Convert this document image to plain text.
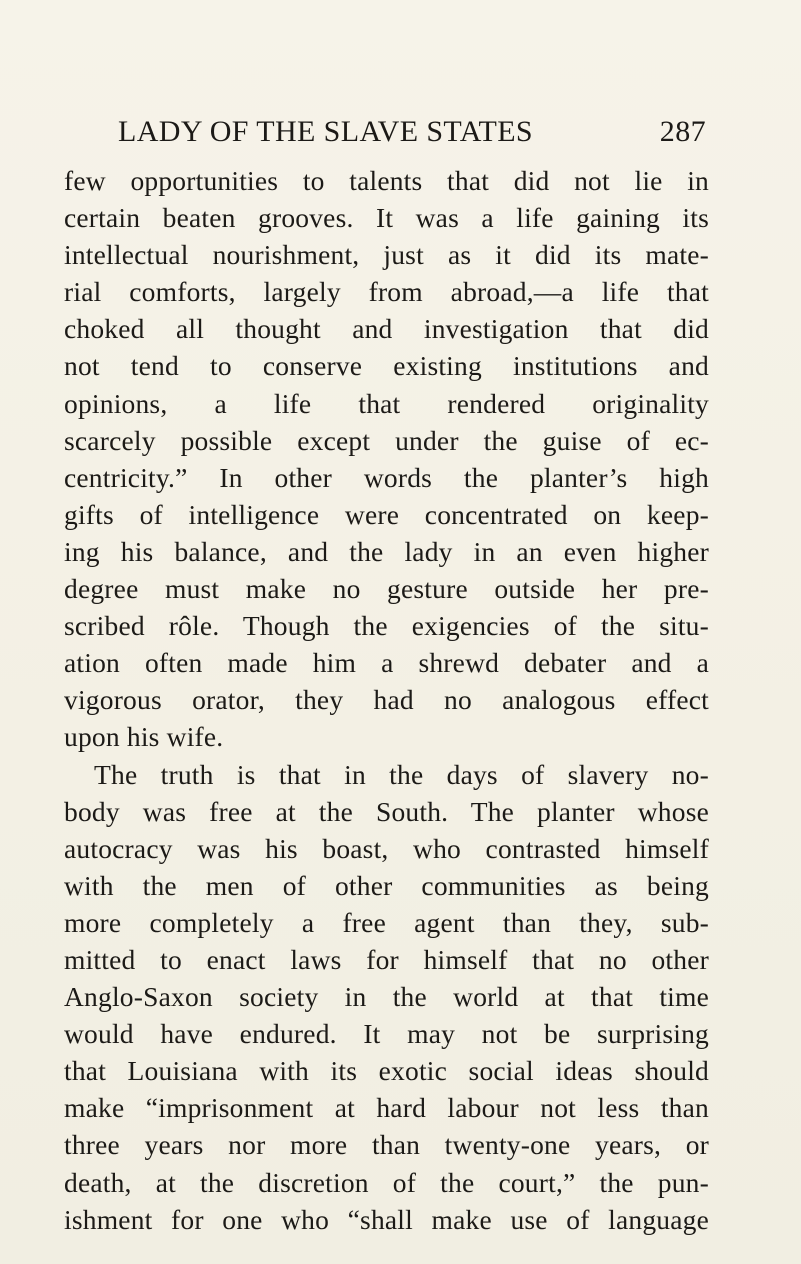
LADY OF THE SLAVE STATES	287
few opportunities to talents that did not lie in
certain beaten grooves. It was a life gaining its
intellectual nourishment, just as it did its mate-
rial comforts, largely from abroad,—a life that
choked all thought and investigation that did
not tend to conserve existing institutions and
opinions, a life that rendered originality
scarcely possible except under the guise of ec-
centricity.” In other words the planter’s high
gifts of intelligence were concentrated on keep-
ing his balance, and the lady in an even higher
degree must make no gesture outside her pre-
scribed rôle. Though the exigencies of the situ-
ation often made him a shrewd debater and a
vigorous orator, they had no analogous effect
upon his wife.
The truth is that in the days of slavery no-
body was free at the South. The planter whose
autocracy was his boast, who contrasted himself
with the men of other communities as being
more completely a free agent than they, sub-
mitted to enact laws for himself that no other
Anglo-Saxon society in the world at that time
would have endured. It may not be surprising
that Louisiana with its exotic social ideas should
make “imprisonment at hard labour not less than
three years nor more than twenty-one years, or
death, at the discretion of the court,” the pun-
ishment for one who “shall make use of language
